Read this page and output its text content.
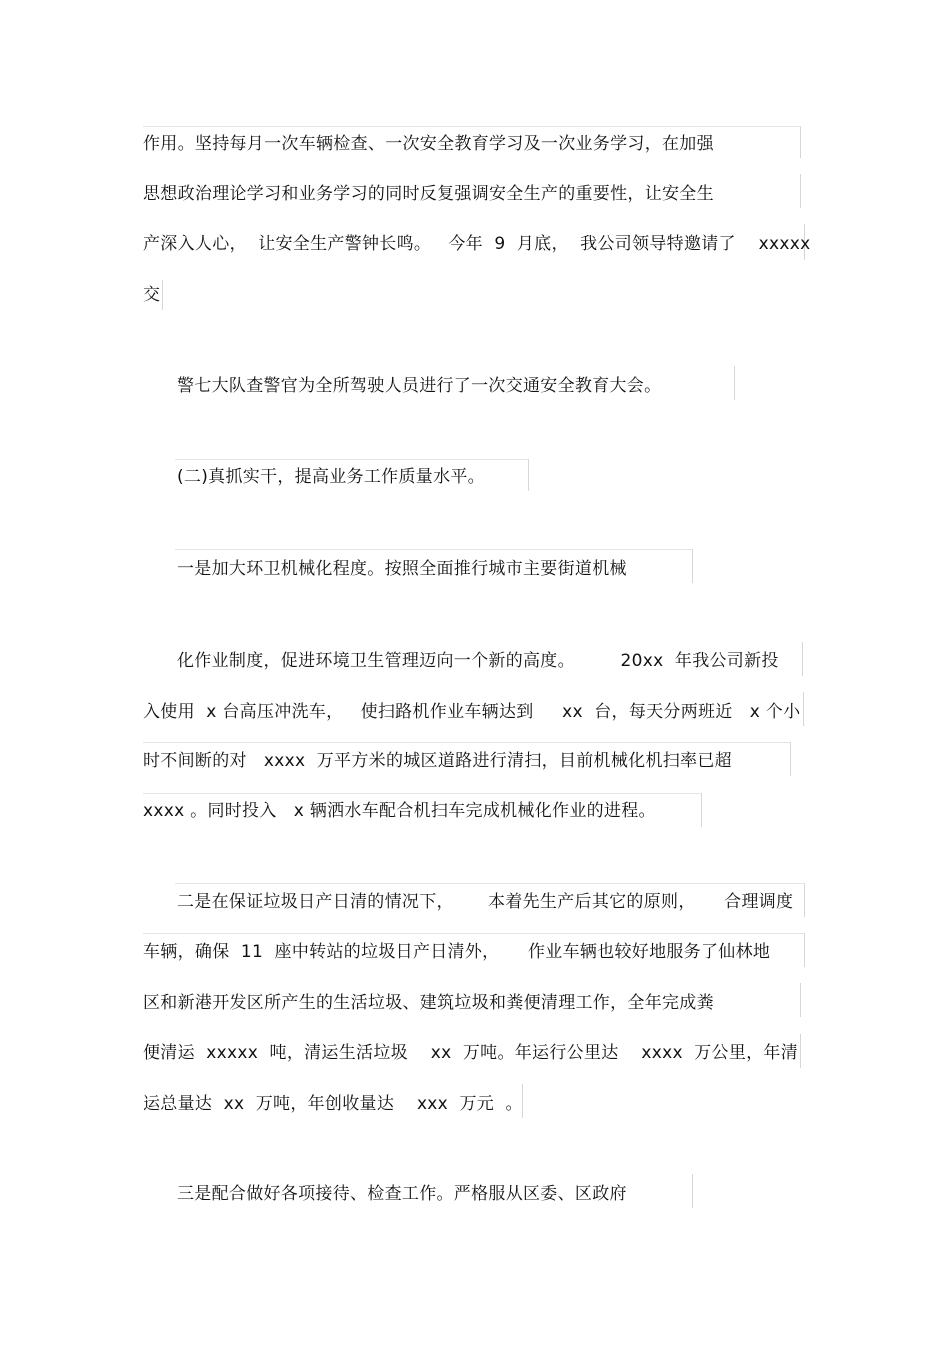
作用。坚持每月一次车辆检查、一次安全教育学习及一次业务学习，在加强
思想政治理论学习和业务学习的同时反复强调安全生产的重要性，让安全生
产深入人心，  让安全生产警钟长鸣。   今年  9  月底，  我公司领导特邀请了    xxxxx
交
警七大队查警官为全所驾驶人员进行了一次交通安全教育大会。
(二)真抓实干，提高业务工作质量水平。
一是加大环卫机械化程度。按照全面推行城市主要街道机械
化作业制度，促进环境卫生管理迈向一个新的高度。        20xx  年我公司新投
入使用  x 台高压冲洗车，   使扫路机作业车辆达到     xx  台，每天分两班近   x 个小
时不间断的对   xxxx  万平方米的城区道路进行清扫，目前机械化机扫率已超
xxxx 。同时投入   x 辆洒水车配合机扫车完成机械化作业的进程。
二是在保证垃圾日产日清的情况下，      本着先生产后其它的原则，     合理调度
车辆，确保  11  座中转站的垃圾日产日清外，     作业车辆也较好地服务了仙林地
区和新港开发区所产生的生活垃圾、建筑垃圾和粪便清理工作，全年完成粪
便清运  xxxxx  吨，清运生活垃圾    xx  万吨。年运行公里达    xxxx  万公里，年清
运总量达  xx  万吨，年创收量达    xxx  万元  。
三是配合做好各项接待、检查工作。严格服从区委、区政府
